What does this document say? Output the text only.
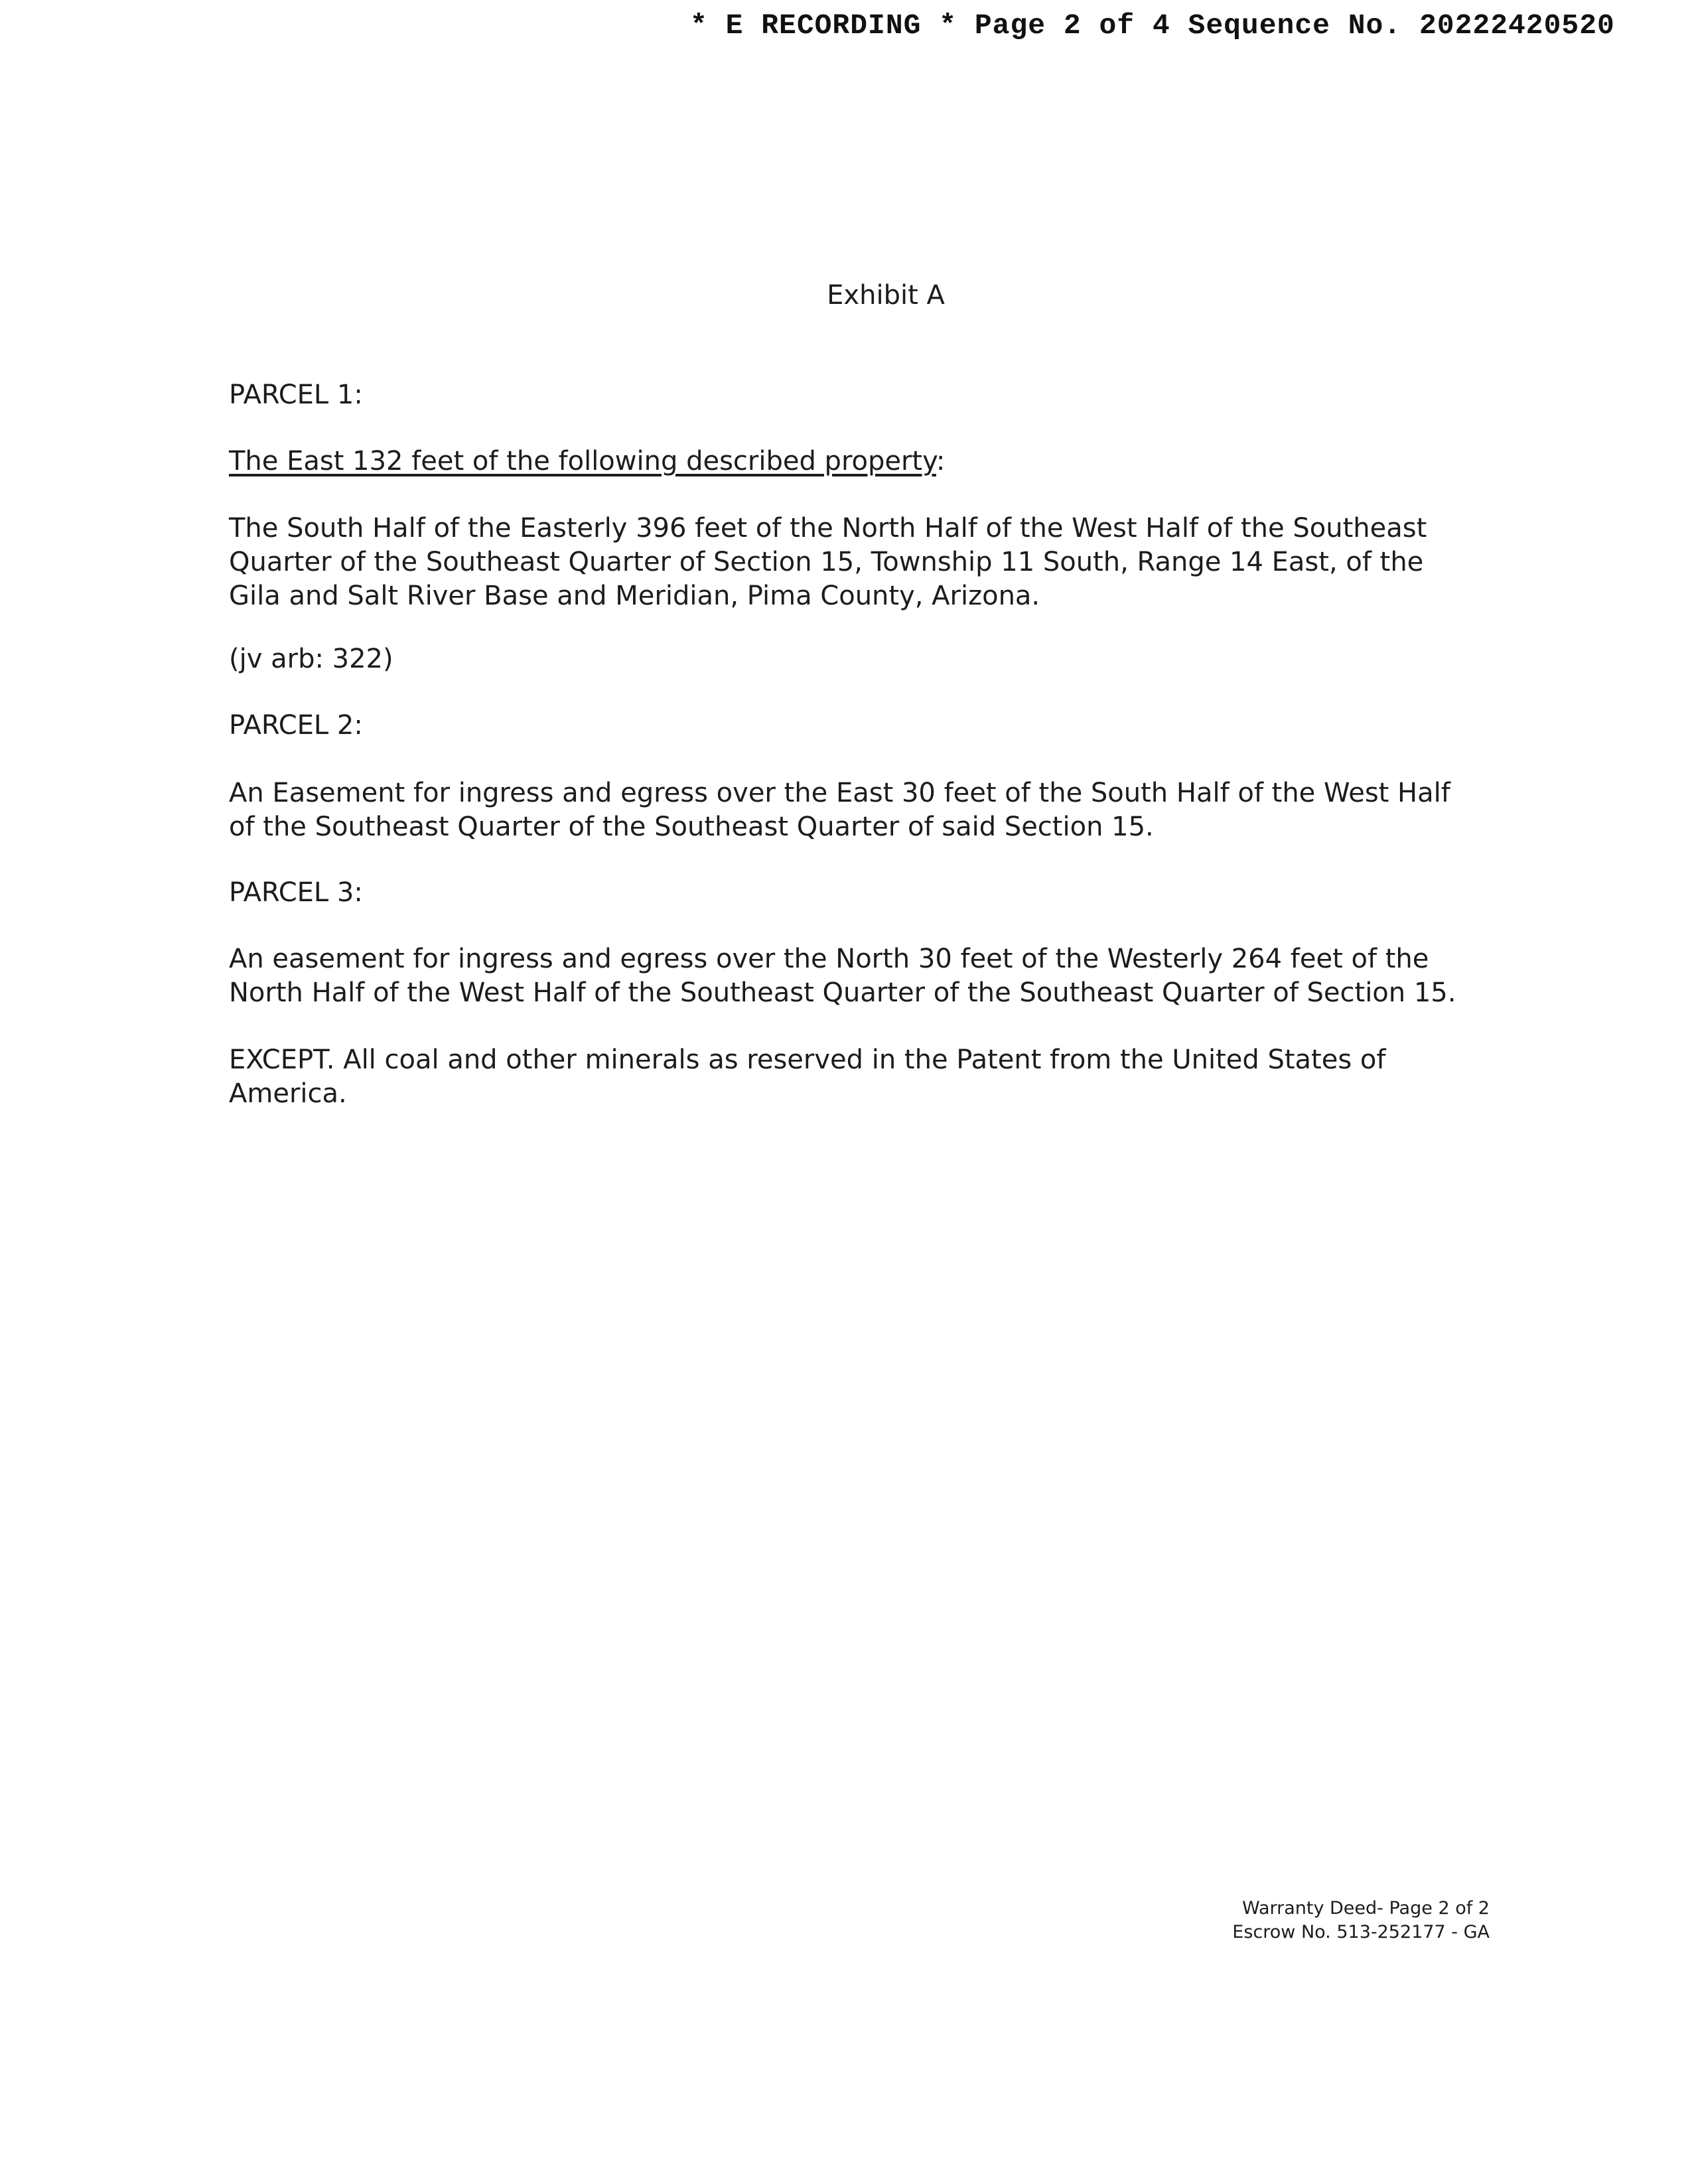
* E RECORDING * Page 2 of 4 Sequence No. 20222420520
Exhibit A

PARCEL 1:

The East 132 feet of the following described property:

The South Half of the Easterly 396 feet of the North Half of the West Half of the Southeast Quarter of the Southeast Quarter of Section 15, Township 11 South, Range 14 East, of the Gila and Salt River Base and Meridian, Pima County, Arizona.

(jv arb: 322)

PARCEL 2:

An Easement for ingress and egress over the East 30 feet of the South Half of the West Half of the Southeast Quarter of the Southeast Quarter of said Section 15.

PARCEL 3:

An easement for ingress and egress over the North 30 feet of the Westerly 264 feet of the North Half of the West Half of the Southeast Quarter of the Southeast Quarter of Section 15.

EXCEPT. All coal and other minerals as reserved in the Patent from the United States of America.

Warranty Deed- Page 2 of 2
Escrow No. 513-252177 - GA
